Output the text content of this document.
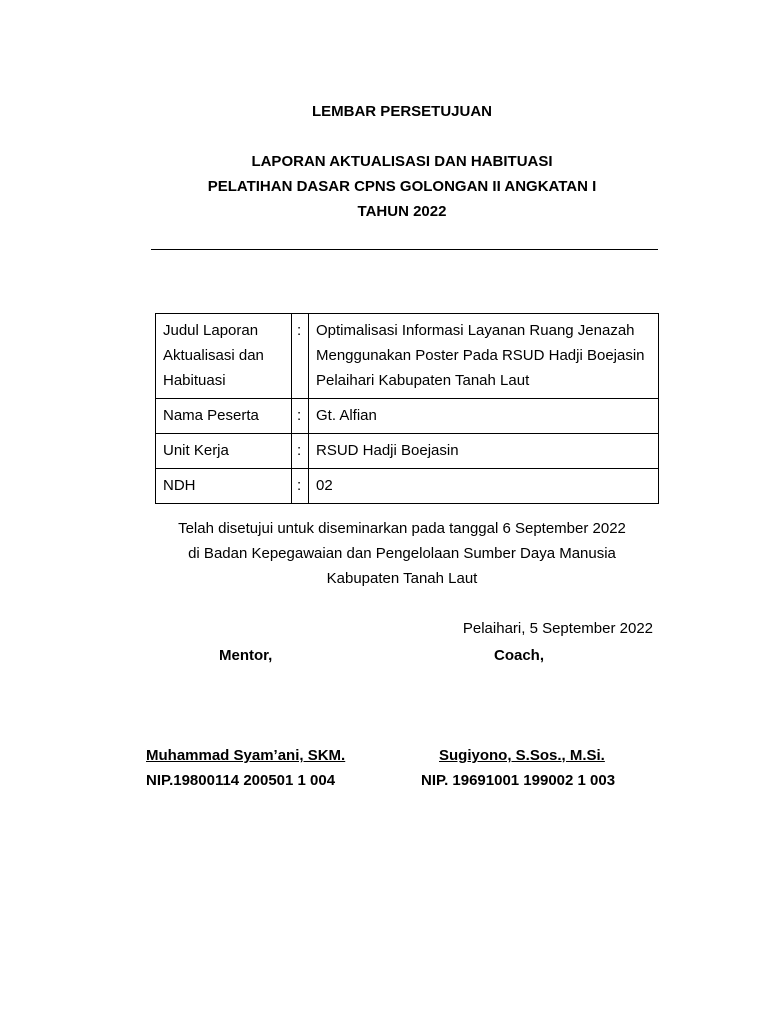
LEMBAR PERSETUJUAN
LAPORAN AKTUALISASI DAN HABITUASI
PELATIHAN DASAR CPNS GOLONGAN II ANGKATAN I
TAHUN 2022
Judul Laporan Aktualisasi dan Habituasi	:	Optimalisasi Informasi Layanan Ruang Jenazah Menggunakan Poster Pada RSUD Hadji Boejasin Pelaihari Kabupaten Tanah Laut
Nama Peserta	:	Gt. Alfian
Unit Kerja	:	RSUD Hadji Boejasin
NDH	:	02
Telah disetujui untuk diseminarkan pada tanggal 6 September 2022
di Badan Kepegawaian dan Pengelolaan Sumber Daya Manusia
Kabupaten Tanah Laut
Pelaihari, 5 September 2022
Mentor,	Coach,
Muhammad Syam’ani, SKM.
NIP.19800114 200501 1 004
Sugiyono, S.Sos., M.Si.
NIP. 19691001 199002 1 003
